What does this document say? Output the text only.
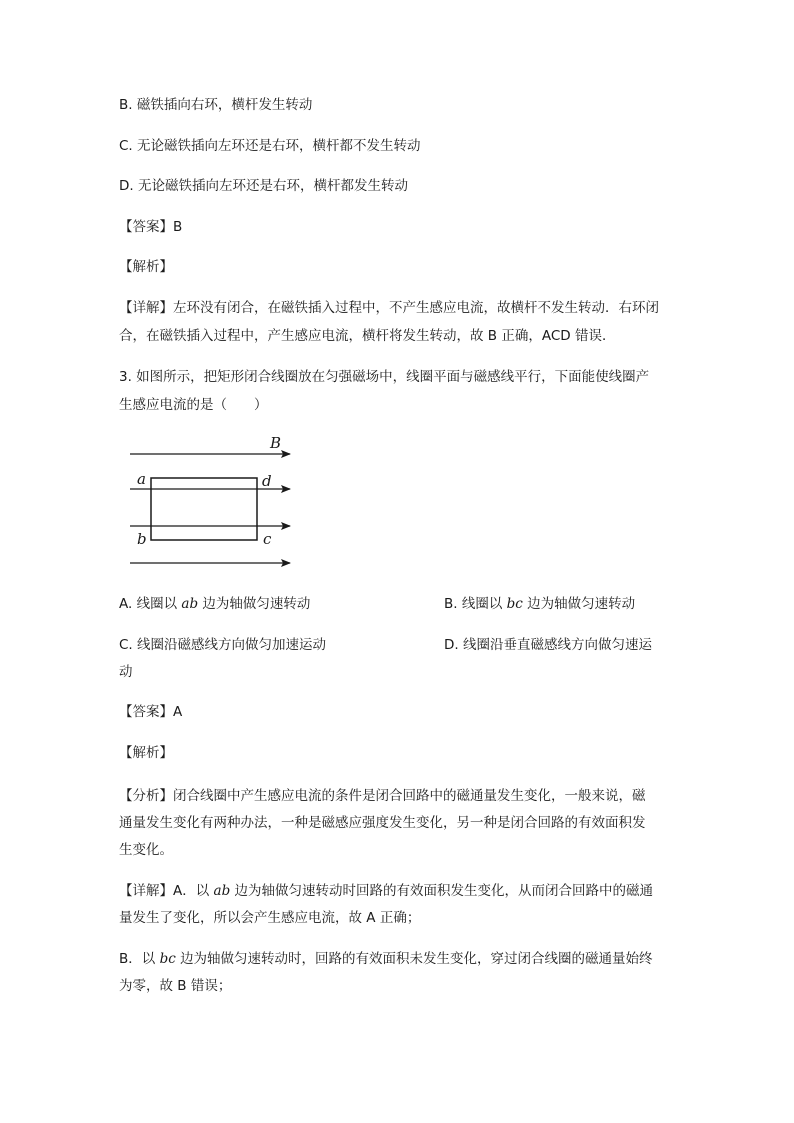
B. 磁铁插向右环，横杆发生转动
C. 无论磁铁插向左环还是右环，横杆都不发生转动
D. 无论磁铁插向左环还是右环，横杆都发生转动
【答案】B
【解析】
【详解】左环没有闭合，在磁铁插入过程中，不产生感应电流，故横杆不发生转动．右环闭
合，在磁铁插入过程中，产生感应电流，横杆将发生转动，故 B 正确，ACD 错误．
3. 如图所示，把矩形闭合线圈放在匀强磁场中，线圈平面与磁感线平行，下面能使线圈产
生感应电流的是（　　）
B
a	d
b	c
A. 线圈以 ab 边为轴做匀速转动	B. 线圈以 bc 边为轴做匀速转动
C. 线圈沿磁感线方向做匀加速运动	D. 线圈沿垂直磁感线方向做匀速运
动
【答案】A
【解析】
【分析】闭合线圈中产生感应电流的条件是闭合回路中的磁通量发生变化，一般来说，磁
通量发生变化有两种办法，一种是磁感应强度发生变化，另一种是闭合回路的有效面积发
生变化。
【详解】A．以 ab 边为轴做匀速转动时回路的有效面积发生变化，从而闭合回路中的磁通
量发生了变化，所以会产生感应电流，故 A 正确；
B．以 bc 边为轴做匀速转动时，回路的有效面积未发生变化，穿过闭合线圈的磁通量始终
为零，故 B 错误；
